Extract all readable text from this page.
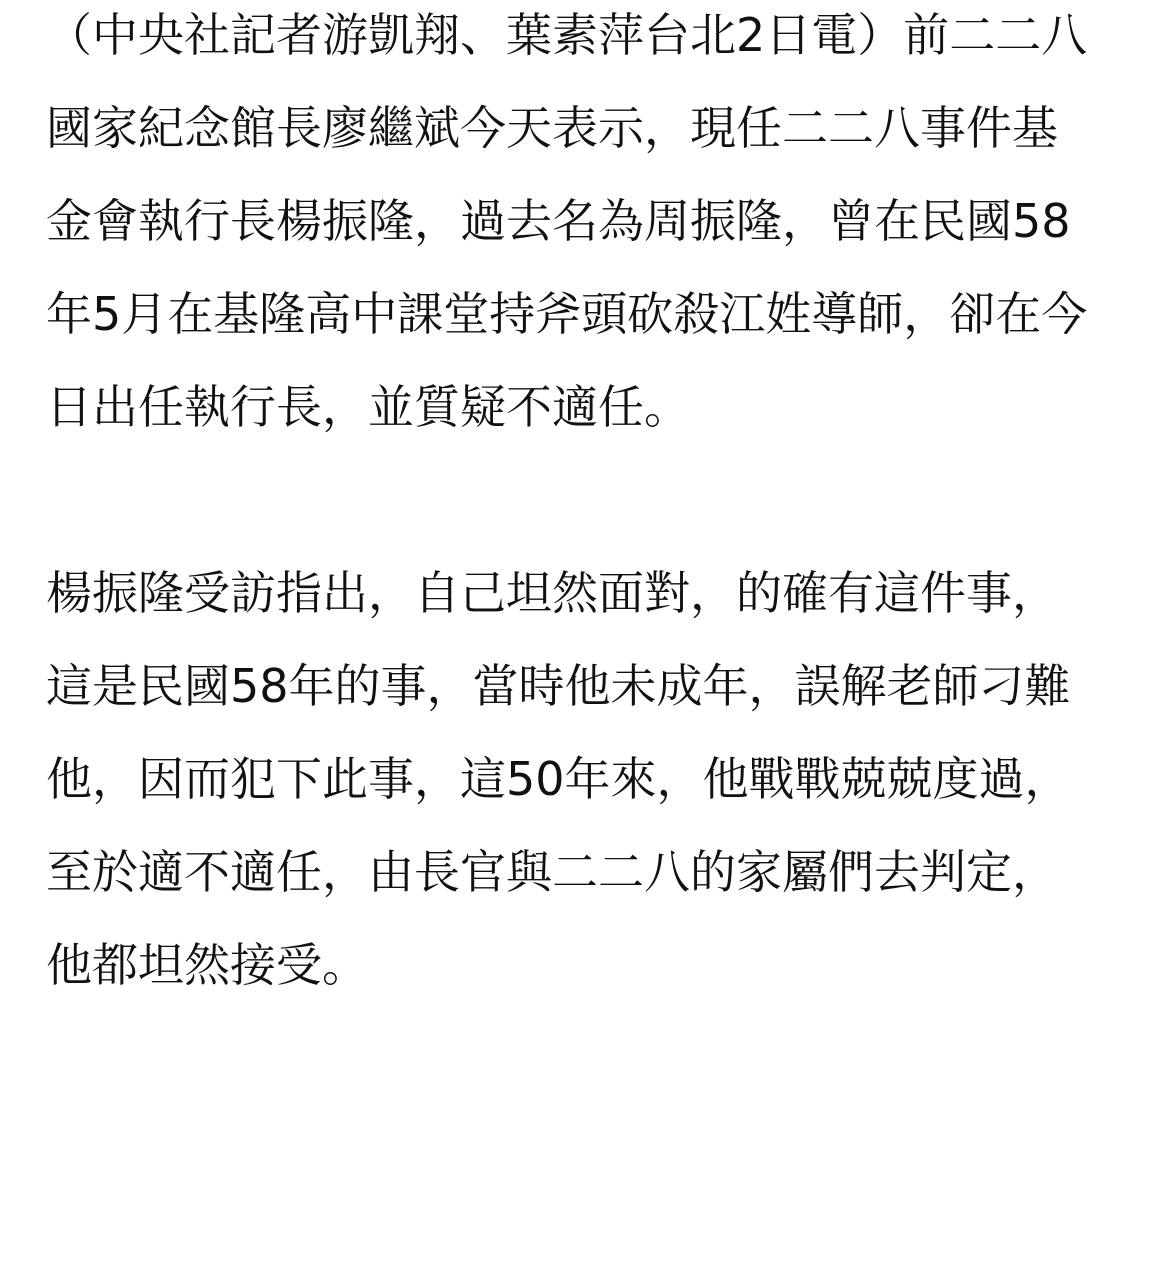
（中央社記者游凱翔、葉素萍台北2日電）前二二八國家紀念館長廖繼斌今天表示，現任二二八事件基金會執行長楊振隆，過去名為周振隆，曾在民國58年5月在基隆高中課堂持斧頭砍殺江姓導師，卻在今日出任執行長，並質疑不適任。

楊振隆受訪指出，自己坦然面對，的確有這件事，這是民國58年的事，當時他未成年，誤解老師刁難他，因而犯下此事，這50年來，他戰戰兢兢度過，至於適不適任，由長官與二二八的家屬們去判定，他都坦然接受。
